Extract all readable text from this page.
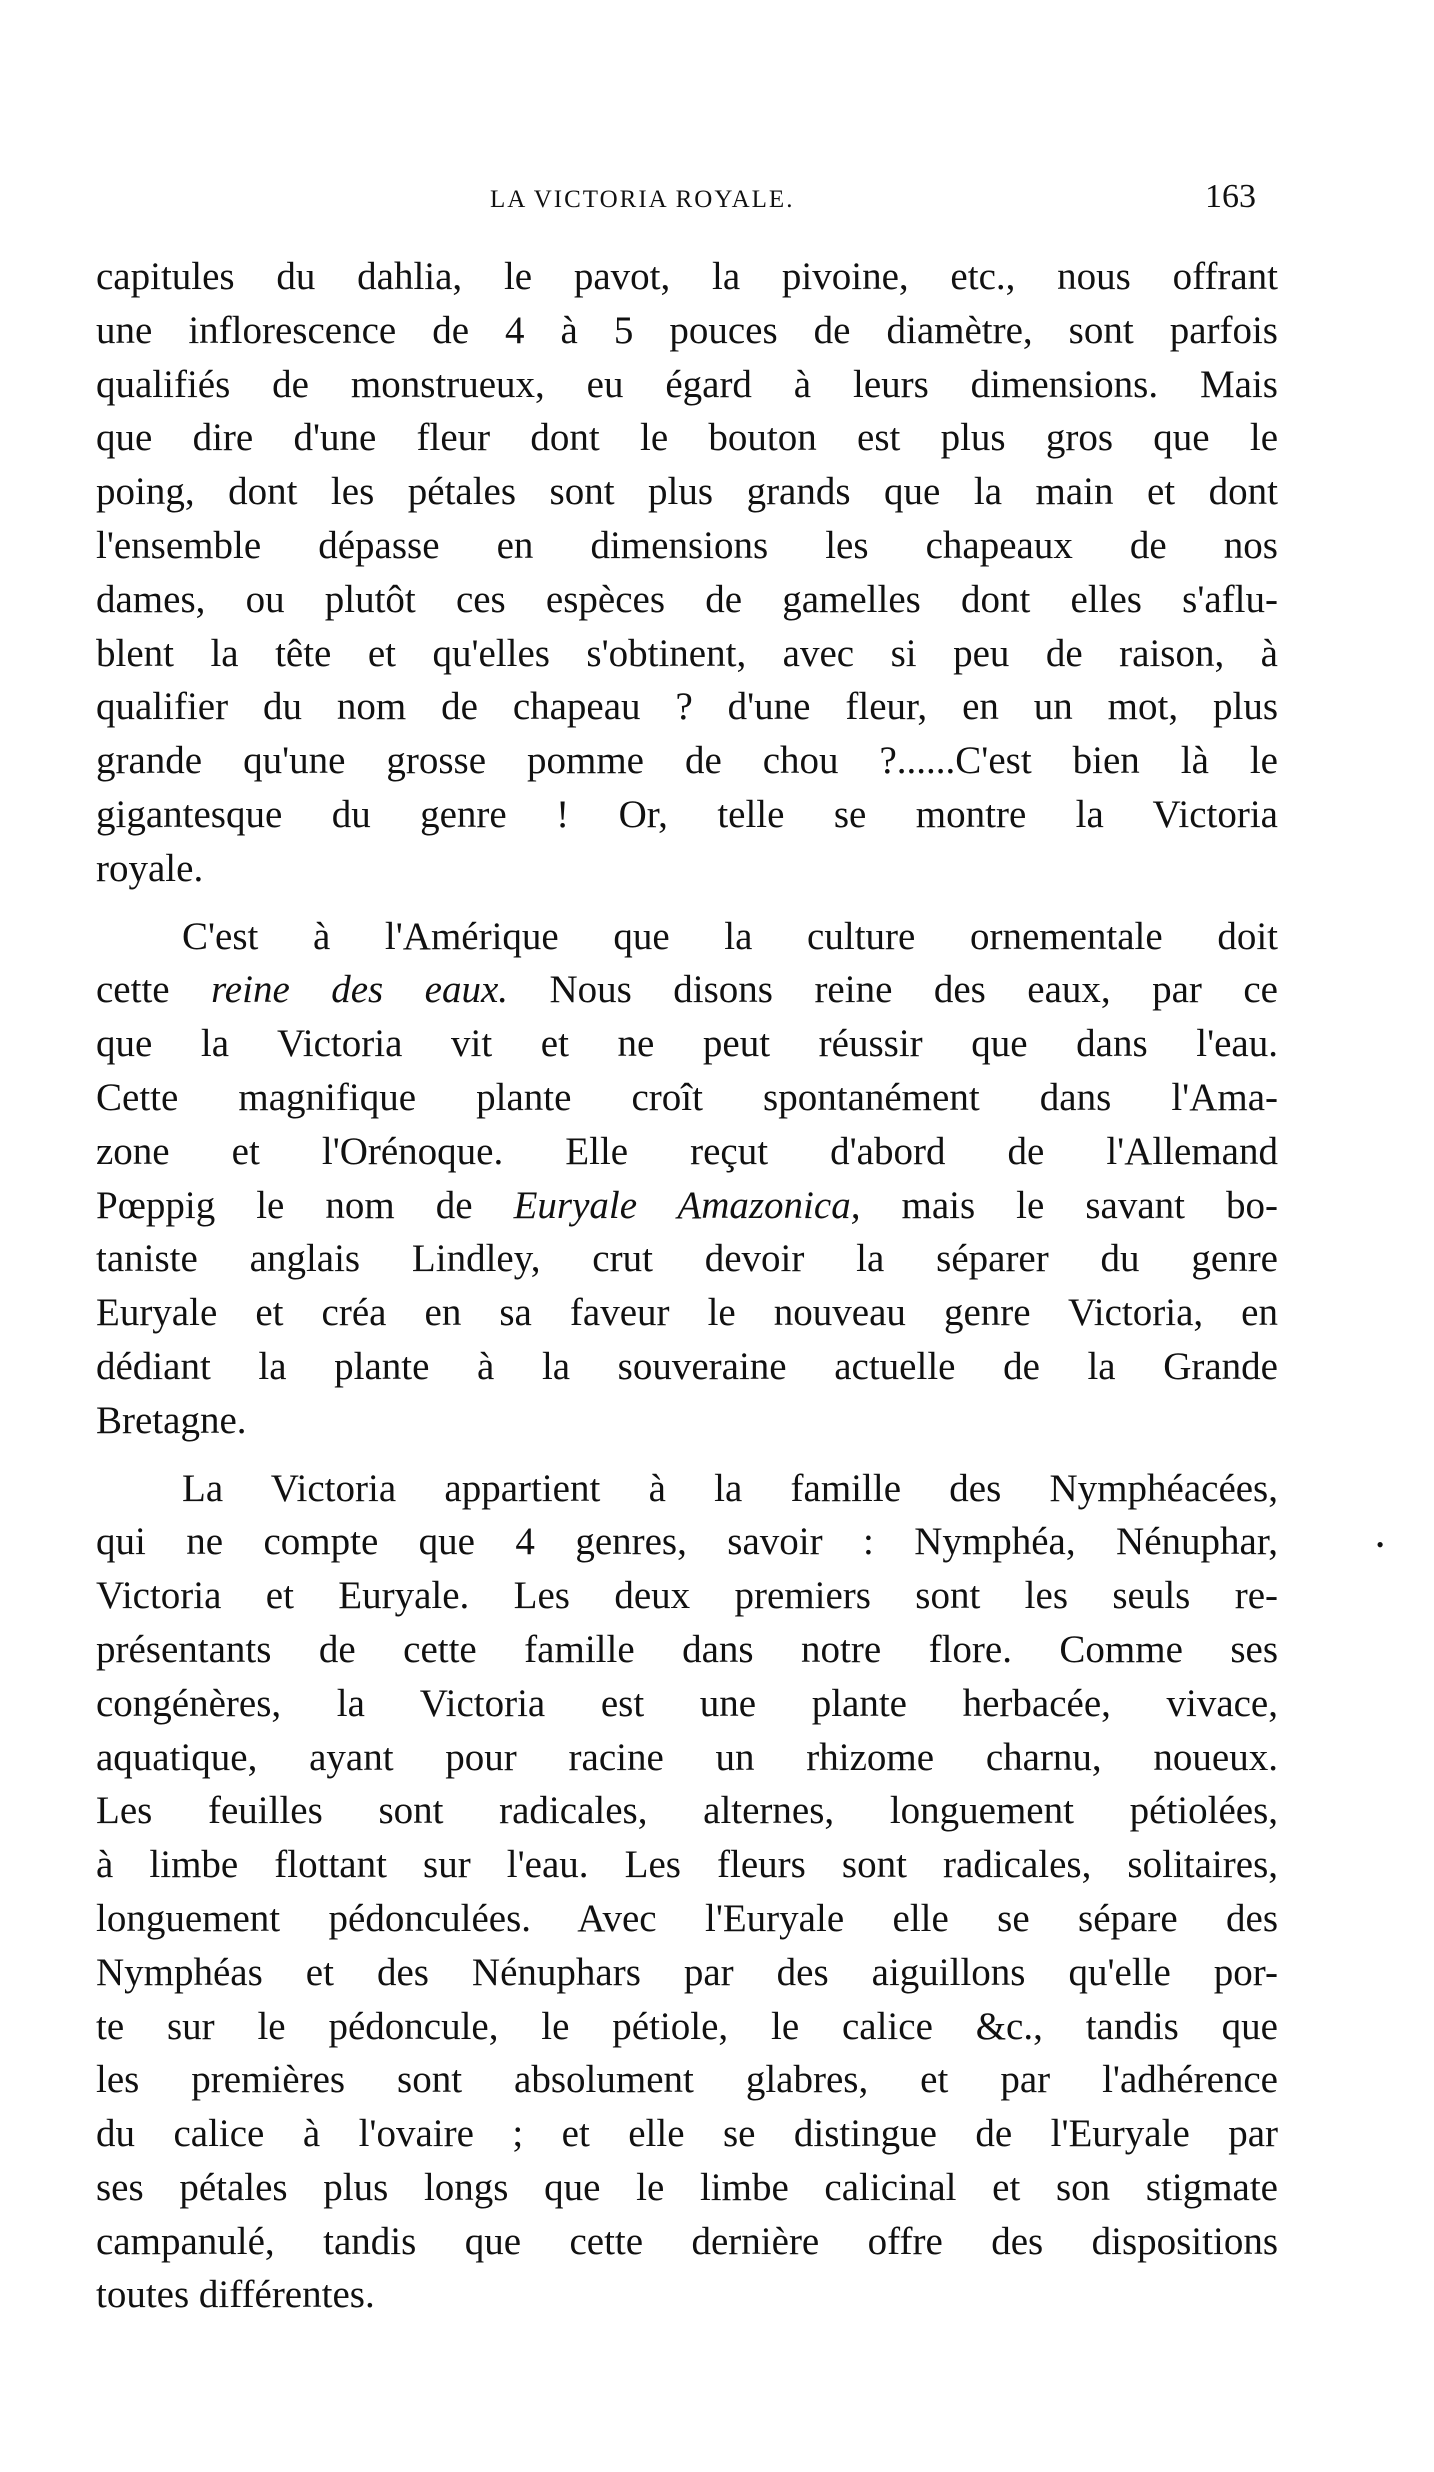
LA VICTORIA ROYALE.	163
•
capitules du dahlia, le pavot, la pivoine, etc., nous offrant
une inflorescence de 4 à 5 pouces de diamètre, sont parfois
qualifiés de monstrueux, eu égard à leurs dimensions. Mais
que dire d'une fleur dont le bouton est plus gros que le
poing, dont les pétales sont plus grands que la main et dont
l'ensemble dépasse en dimensions les chapeaux de nos
dames, ou plutôt ces espèces de gamelles dont elles s'aflu-
blent la tête et qu'elles s'obtinent, avec si peu de raison, à
qualifier du nom de chapeau ? d'une fleur, en un mot, plus
grande qu'une grosse pomme de chou ?......C'est bien là le
gigantesque du genre ! Or, telle se montre la Victoria
royale.
C'est à l'Amérique que la culture ornementale doit
cette reine des eaux. Nous disons reine des eaux, par ce
que la Victoria vit et ne peut réussir que dans l'eau.
Cette magnifique plante croît spontanément dans l'Ama-
zone et l'Orénoque. Elle reçut d'abord de l'Allemand
Pœppig le nom de Euryale Amazonica, mais le savant bo-
taniste anglais Lindley, crut devoir la séparer du genre
Euryale et créa en sa faveur le nouveau genre Victoria, en
dédiant la plante à la souveraine actuelle de la Grande
Bretagne.
La Victoria appartient à la famille des Nymphéacées,
qui ne compte que 4 genres, savoir : Nymphéa, Nénuphar,
Victoria et Euryale. Les deux premiers sont les seuls re-
présentants de cette famille dans notre flore. Comme ses
congénères, la Victoria est une plante herbacée, vivace,
aquatique, ayant pour racine un rhizome charnu, noueux.
Les feuilles sont radicales, alternes, longuement pétiolées,
à limbe flottant sur l'eau. Les fleurs sont radicales, solitaires,
longuement pédonculées. Avec l'Euryale elle se sépare des
Nymphéas et des Nénuphars par des aiguillons qu'elle por-
te sur le pédoncule, le pétiole, le calice &c., tandis que
les premières sont absolument glabres, et par l'adhérence
du calice à l'ovaire ; et elle se distingue de l'Euryale par
ses pétales plus longs que le limbe calicinal et son stigmate
campanulé, tandis que cette dernière offre des dispositions
toutes différentes.
